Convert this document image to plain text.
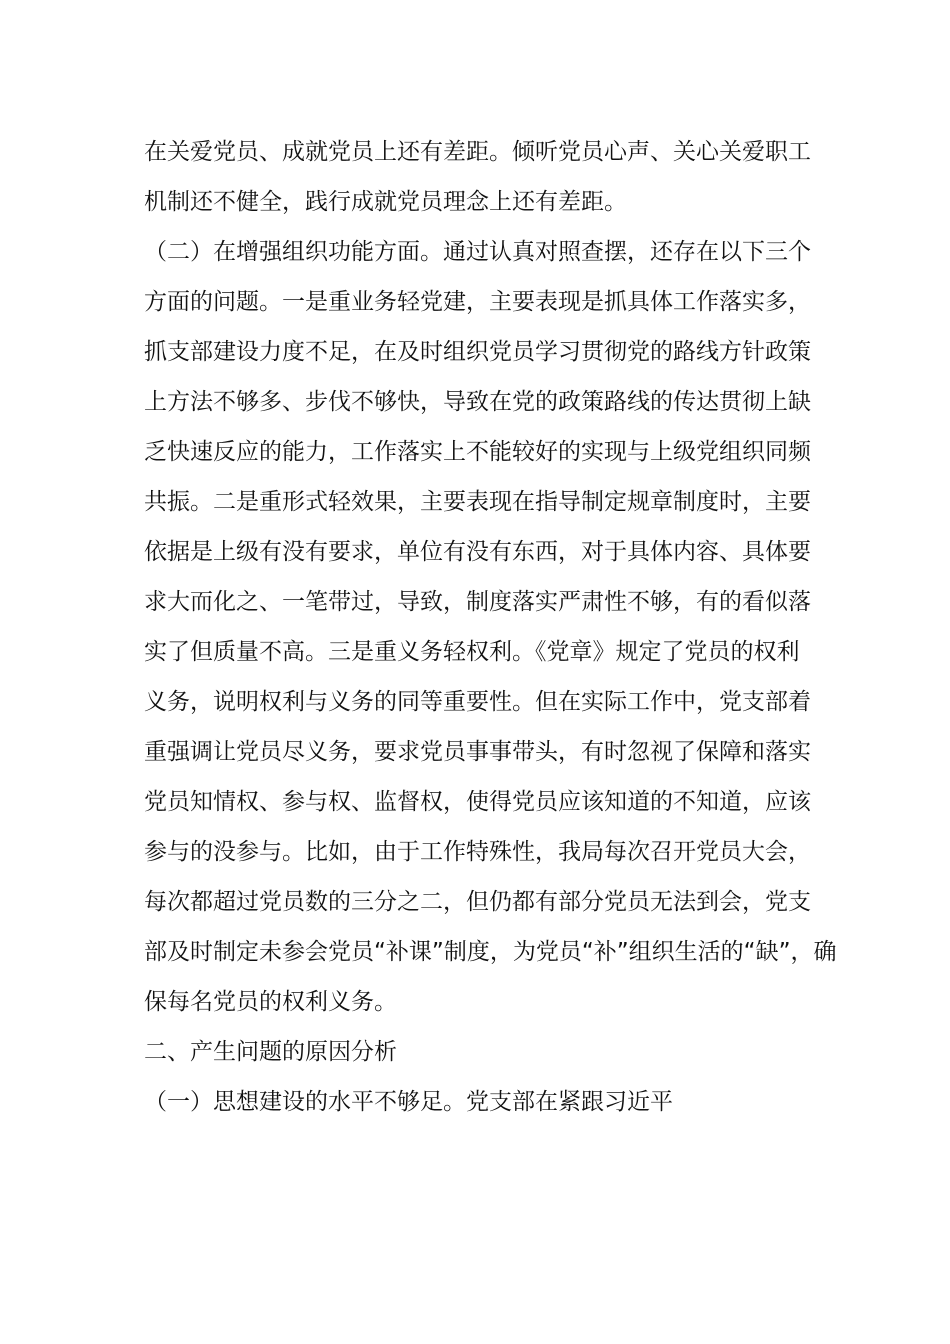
在关爱党员、成就党员上还有差距。倾听党员心声、关心关爱职工
机制还不健全，践行成就党员理念上还有差距。
（二）在增强组织功能方面。通过认真对照查摆，还存在以下三个
方面的问题。一是重业务轻党建，主要表现是抓具体工作落实多，
抓支部建设力度不足，在及时组织党员学习贯彻党的路线方针政策
上方法不够多、步伐不够快，导致在党的政策路线的传达贯彻上缺
乏快速反应的能力，工作落实上不能较好的实现与上级党组织同频
共振。二是重形式轻效果，主要表现在指导制定规章制度时，主要
依据是上级有没有要求，单位有没有东西，对于具体内容、具体要
求大而化之、一笔带过，导致，制度落实严肃性不够，有的看似落
实了但质量不高。三是重义务轻权利。《党章》规定了党员的权利
义务，说明权利与义务的同等重要性。但在实际工作中，党支部着
重强调让党员尽义务，要求党员事事带头，有时忽视了保障和落实
党员知情权、参与权、监督权，使得党员应该知道的不知道，应该
参与的没参与。比如，由于工作特殊性，我局每次召开党员大会，
每次都超过党员数的三分之二，但仍都有部分党员无法到会，党支
部及时制定未参会党员“补课”制度，为党员“补”组织生活的“缺”，确
保每名党员的权利义务。
二、产生问题的原因分析
（一）思想建设的水平不够足。党支部在紧跟习近平
